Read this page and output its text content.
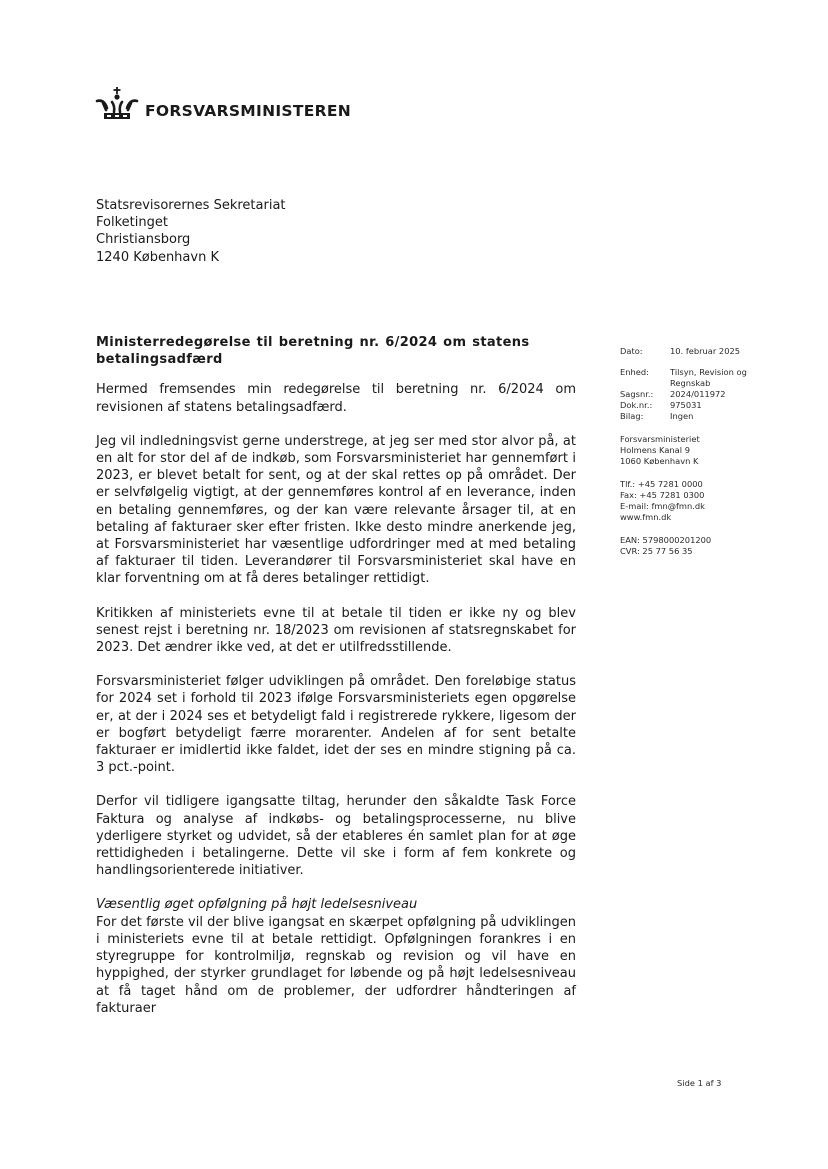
FORSVARSMINISTEREN
Statsrevisorernes Sekretariat
Folketinget
Christiansborg
1240 København K
Ministerredegørelse til beretning nr. 6/2024 om statens betalingsadfærd

Hermed fremsendes min redegørelse til beretning nr. 6/2024 om revisionen af statens betalingsadfærd.

Jeg vil indledningsvist gerne understrege, at jeg ser med stor alvor på, at en alt for stor del af de indkøb, som Forsvarsministeriet har gennemført i 2023, er blevet betalt for sent, og at der skal rettes op på området. Der er selvfølgelig vigtigt, at der gennemføres kontrol af en leverance, inden en betaling gennemføres, og der kan være relevante årsager til, at en betaling af fakturaer sker efter fristen. Ikke desto mindre anerkende jeg, at Forsvarsministeriet har væsentlige udfordringer med at med betaling af fakturaer til tiden. Leverandører til Forsvarsministeriet skal have en klar forventning om at få deres betalinger rettidigt.

Kritikken af ministeriets evne til at betale til tiden er ikke ny og blev senest rejst i beretning nr. 18/2023 om revisionen af statsregnskabet for 2023. Det ændrer ikke ved, at det er utilfredsstillende.

Forsvarsministeriet følger udviklingen på området. Den foreløbige status for 2024 set i forhold til 2023 ifølge Forsvarsministeriets egen opgørelse er, at der i 2024 ses et betydeligt fald i registrerede rykkere, ligesom der er bogført betydeligt færre morarenter. Andelen af for sent betalte fakturaer er imidlertid ikke faldet, idet der ses en mindre stigning på ca. 3 pct.-point.

Derfor vil tidligere igangsatte tiltag, herunder den såkaldte Task Force Faktura og analyse af indkøbs- og betalingsprocesserne, nu blive yderligere styrket og udvidet, så der etableres én samlet plan for at øge rettidigheden i betalingerne. Dette vil ske i form af fem konkrete og handlingsorienterede initiativer.

Væsentlig øget opfølgning på højt ledelsesniveau

For det første vil der blive igangsat en skærpet opfølgning på udviklingen i ministeriets evne til at betale rettidigt. Opfølgningen forankres i en styregruppe for kontrolmiljø, regnskab og revision og vil have en hyppighed, der styrker grundlaget for løbende og på højt ledelsesniveau at få taget hånd om de problemer, der udfordrer håndteringen af fakturaer

Dato:	10. februar 2025
Enhed:	Tilsyn, Revision og Regnskab
Sagsnr.:	2024/011972
Dok.nr.:	975031
Bilag:	Ingen
Forsvarsministeriet
Holmens Kanal 9
1060 København K
Tlf.: +45 7281 0000
Fax: +45 7281 0300
E-mail: fmn@fmn.dk
www.fmn.dk
EAN: 5798000201200
CVR: 25 77 56 35
Side 1 af 3
